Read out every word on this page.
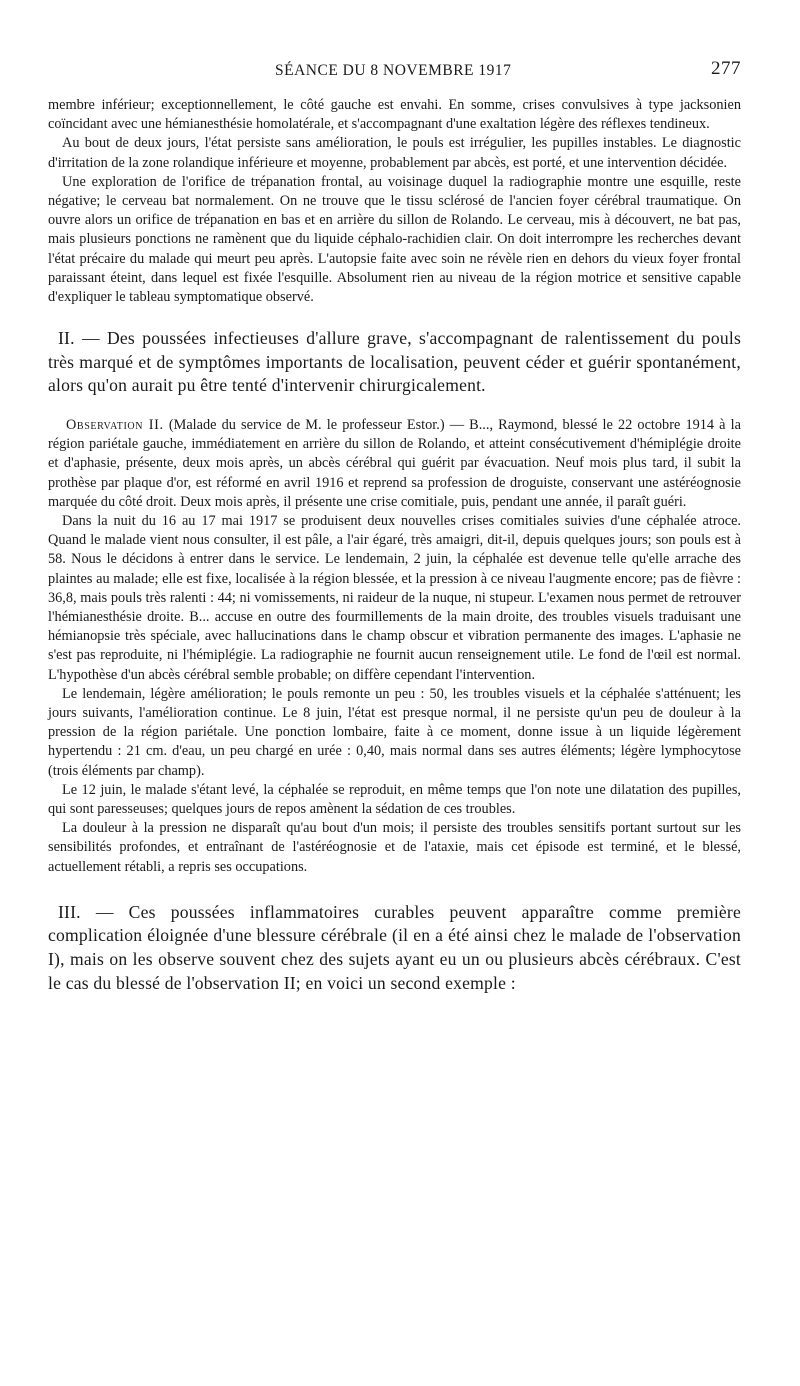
SÉANCE DU 8 NOVEMBRE 1917	277

membre inférieur; exceptionnellement, le côté gauche est envahi. En somme, crises convulsives à type jacksonien coïncidant avec une hémianesthésie homolatérale, et s'accompagnant d'une exaltation légère des réflexes tendineux.

Au bout de deux jours, l'état persiste sans amélioration, le pouls est irrégulier, les pupilles instables. Le diagnostic d'irritation de la zone rolandique inférieure et moyenne, probablement par abcès, est porté, et une intervention décidée.

Une exploration de l'orifice de trépanation frontal, au voisinage duquel la radiographie montre une esquille, reste négative; le cerveau bat normalement. On ne trouve que le tissu sclérosé de l'ancien foyer cérébral traumatique. On ouvre alors un orifice de trépanation en bas et en arrière du sillon de Rolando. Le cerveau, mis à découvert, ne bat pas, mais plusieurs ponctions ne ramènent que du liquide céphalo-rachidien clair. On doit interrompre les recherches devant l'état précaire du malade qui meurt peu après. L'autopsie faite avec soin ne révèle rien en dehors du vieux foyer frontal paraissant éteint, dans lequel est fixée l'esquille. Absolument rien au niveau de la région motrice et sensitive capable d'expliquer le tableau symptomatique observé.

II. — Des poussées infectieuses d'allure grave, s'accompagnant de ralentissement du pouls très marqué et de symptômes importants de localisation, peuvent céder et guérir spontanément, alors qu'on aurait pu être tenté d'intervenir chirurgicalement.

Observation II. (Malade du service de M. le professeur Estor.) — B..., Raymond, blessé le 22 octobre 1914 à la région pariétale gauche, immédiatement en arrière du sillon de Rolando, et atteint consécutivement d'hémiplégie droite et d'aphasie, présente, deux mois après, un abcès cérébral qui guérit par évacuation. Neuf mois plus tard, il subit la prothèse par plaque d'or, est réformé en avril 1916 et reprend sa profession de droguiste, conservant une astéréognosie marquée du côté droit. Deux mois après, il présente une crise comitiale, puis, pendant une année, il paraît guéri.

Dans la nuit du 16 au 17 mai 1917 se produisent deux nouvelles crises comitiales suivies d'une céphalée atroce. Quand le malade vient nous consulter, il est pâle, a l'air égaré, très amaigri, dit-il, depuis quelques jours; son pouls est à 58. Nous le décidons à entrer dans le service. Le lendemain, 2 juin, la céphalée est devenue telle qu'elle arrache des plaintes au malade; elle est fixe, localisée à la région blessée, et la pression à ce niveau l'augmente encore; pas de fièvre : 36,8, mais pouls très ralenti : 44; ni vomissements, ni raideur de la nuque, ni stupeur. L'examen nous permet de retrouver l'hémianesthésie droite. B... accuse en outre des fourmillements de la main droite, des troubles visuels traduisant une hémianopsie très spéciale, avec hallucinations dans le champ obscur et vibration permanente des images. L'aphasie ne s'est pas reproduite, ni l'hémiplégie. La radiographie ne fournit aucun renseignement utile. Le fond de l'œil est normal. L'hypothèse d'un abcès cérébral semble probable; on diffère cependant l'intervention.

Le lendemain, légère amélioration; le pouls remonte un peu : 50, les troubles visuels et la céphalée s'atténuent; les jours suivants, l'amélioration continue. Le 8 juin, l'état est presque normal, il ne persiste qu'un peu de douleur à la pression de la région pariétale. Une ponction lombaire, faite à ce moment, donne issue à un liquide légèrement hypertendu : 21 cm. d'eau, un peu chargé en urée : 0,40, mais normal dans ses autres éléments; légère lymphocytose (trois éléments par champ).

Le 12 juin, le malade s'étant levé, la céphalée se reproduit, en même temps que l'on note une dilatation des pupilles, qui sont paresseuses; quelques jours de repos amènent la sédation de ces troubles.

La douleur à la pression ne disparaît qu'au bout d'un mois; il persiste des troubles sensitifs portant surtout sur les sensibilités profondes, et entraînant de l'astéréognosie et de l'ataxie, mais cet épisode est terminé, et le blessé, actuellement rétabli, a repris ses occupations.

III. — Ces poussées inflammatoires curables peuvent apparaître comme première complication éloignée d'une blessure cérébrale (il en a été ainsi chez le malade de l'observation I), mais on les observe souvent chez des sujets ayant eu un ou plusieurs abcès cérébraux. C'est le cas du blessé de l'observation II; en voici un second exemple :
